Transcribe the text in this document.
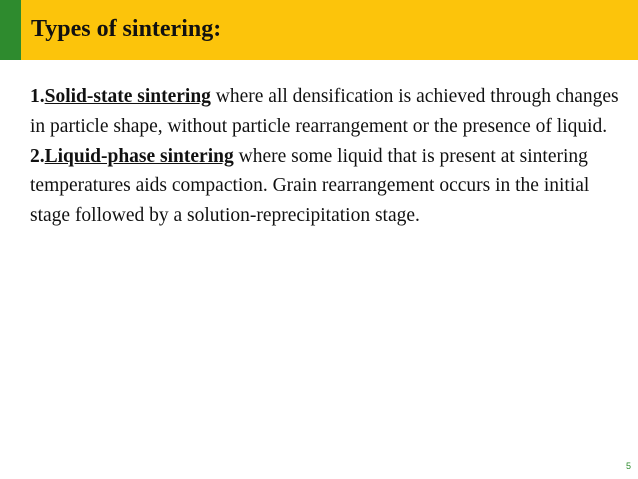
Types of sintering:

1.Solid-state sintering where all densification is achieved through changes in particle shape, without particle rearrangement or the presence of liquid.

2.Liquid-phase sintering where some liquid that is present at sintering temperatures aids compaction. Grain rearrangement occurs in the initial stage followed by a solution-reprecipitation stage.

5
